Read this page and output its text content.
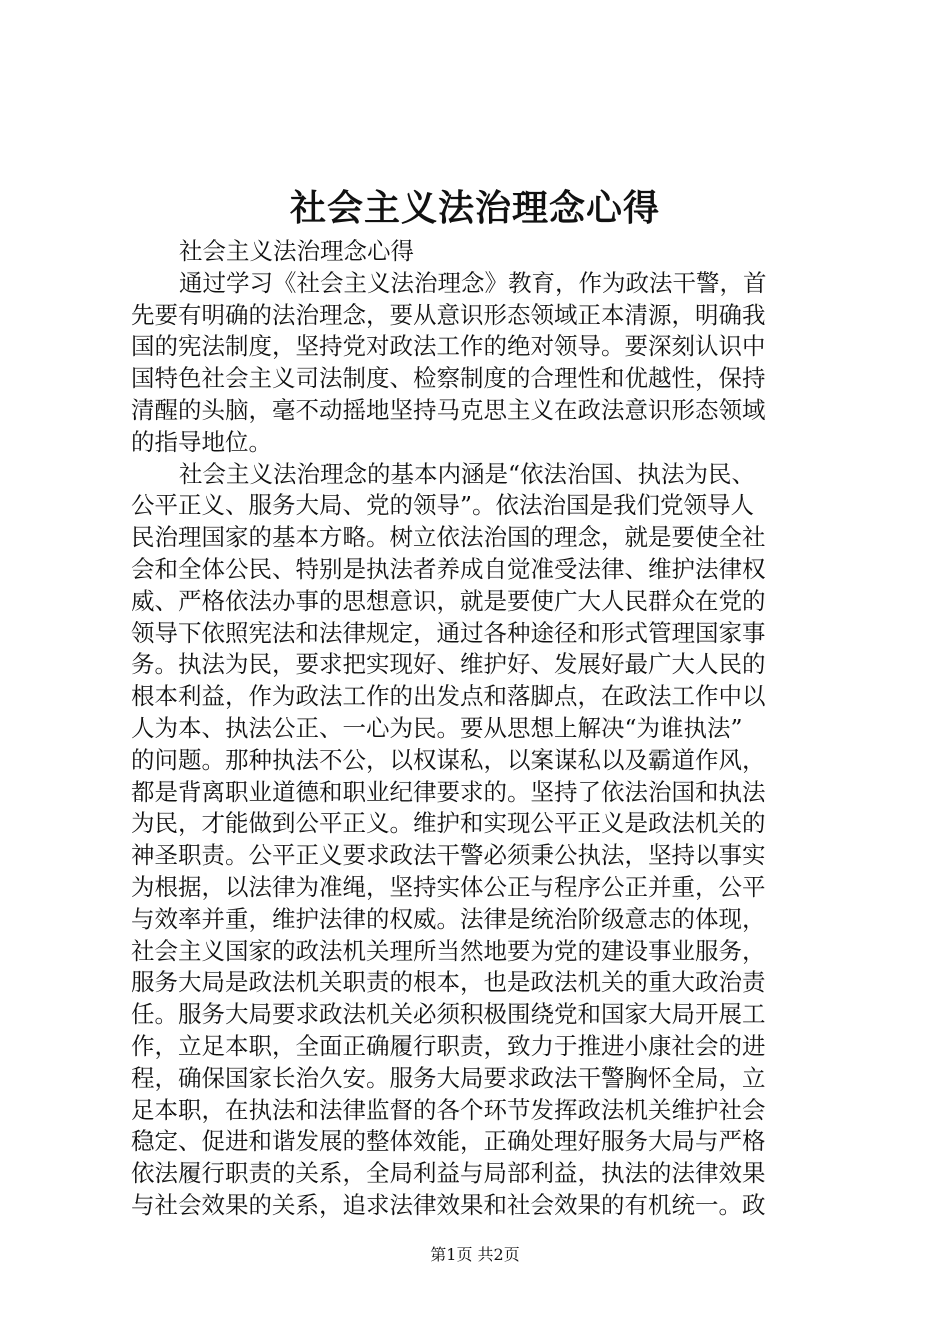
社会主义法治理念心得
社会主义法治理念心得
通过学习《社会主义法治理念》教育，作为政法干警，首
先要有明确的法治理念，要从意识形态领域正本清源，明确我
国的宪法制度，坚持党对政法工作的绝对领导。要深刻认识中
国特色社会主义司法制度、检察制度的合理性和优越性，保持
清醒的头脑，毫不动摇地坚持马克思主义在政法意识形态领域
的指导地位。
社会主义法治理念的基本内涵是“依法治国、执法为民、
公平正义、服务大局、党的领导”。依法治国是我们党领导人
民治理国家的基本方略。树立依法治国的理念，就是要使全社
会和全体公民、特别是执法者养成自觉准受法律、维护法律权
威、严格依法办事的思想意识，就是要使广大人民群众在党的
领导下依照宪法和法律规定，通过各种途径和形式管理国家事
务。执法为民，要求把实现好、维护好、发展好最广大人民的
根本利益，作为政法工作的出发点和落脚点，在政法工作中以
人为本、执法公正、一心为民。要从思想上解决“为谁执法”
的问题。那种执法不公，以权谋私，以案谋私以及霸道作风，
都是背离职业道德和职业纪律要求的。坚持了依法治国和执法
为民，才能做到公平正义。维护和实现公平正义是政法机关的
神圣职责。公平正义要求政法干警必须秉公执法，坚持以事实
为根据，以法律为准绳，坚持实体公正与程序公正并重，公平
与效率并重，维护法律的权威。法律是统治阶级意志的体现，
社会主义国家的政法机关理所当然地要为党的建设事业服务，
服务大局是政法机关职责的根本，也是政法机关的重大政治责
任。服务大局要求政法机关必须积极围绕党和国家大局开展工
作，立足本职，全面正确履行职责，致力于推进小康社会的进
程，确保国家长治久安。服务大局要求政法干警胸怀全局，立
足本职，在执法和法律监督的各个环节发挥政法机关维护社会
稳定、促进和谐发展的整体效能，正确处理好服务大局与严格
依法履行职责的关系，全局利益与局部利益，执法的法律效果
与社会效果的关系，追求法律效果和社会效果的有机统一。政
第1页 共2页
